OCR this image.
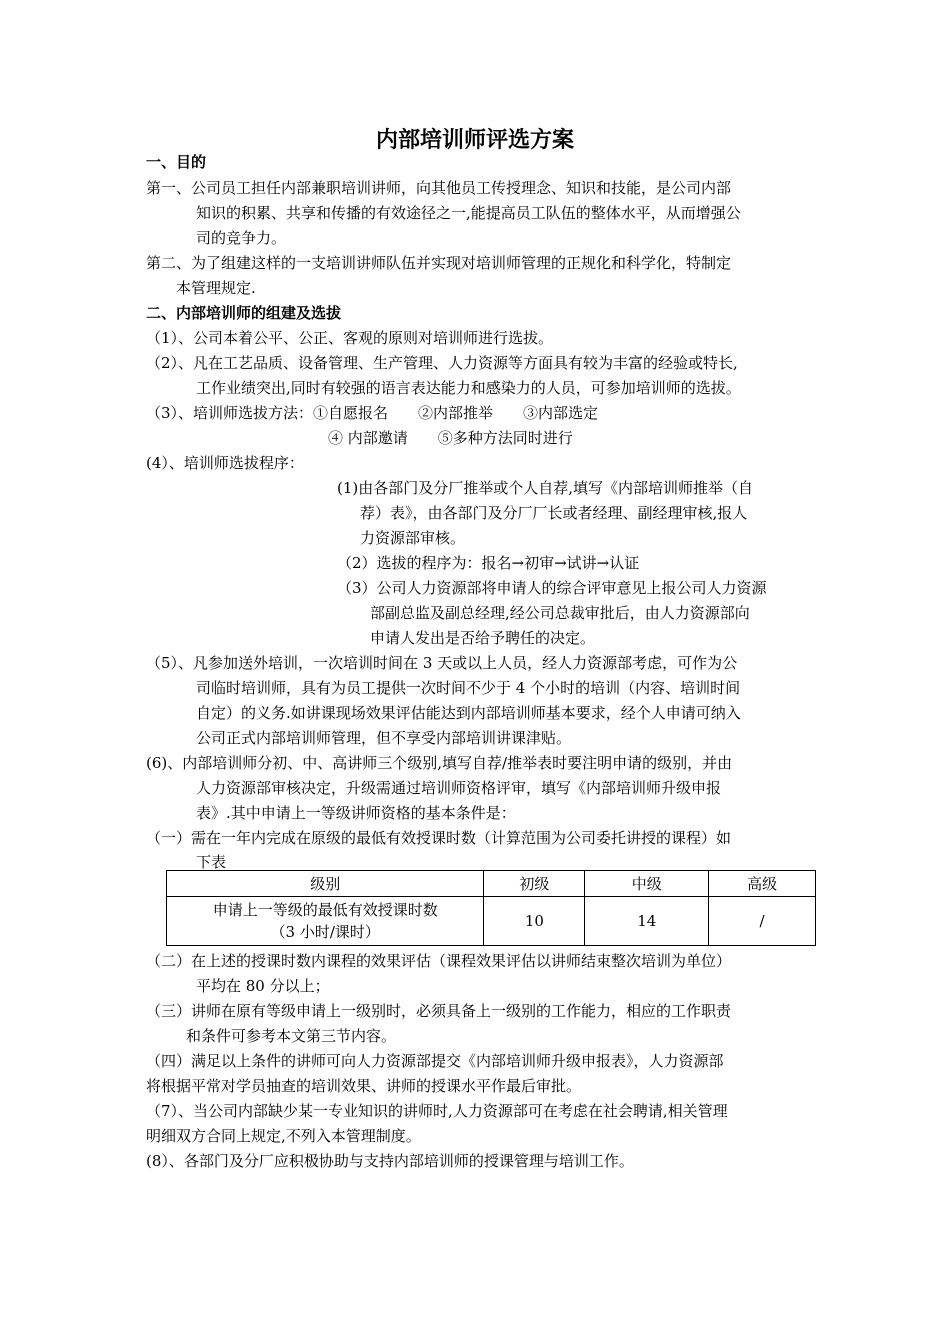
内部培训师评选方案
一、目的
第一、公司员工担任内部兼职培训讲师，向其他员工传授理念、知识和技能，是公司内部
知识的积累、共享和传播的有效途径之一,能提高员工队伍的整体水平，从而增强公
司的竞争力。
第二、为了组建这样的一支培训讲师队伍并实现对培训师管理的正规化和科学化，特制定
本管理规定.
二、内部培训师的组建及选拔
（1）、公司本着公平、公正、客观的原则对培训师进行选拔。
（2）、凡在工艺品质、设备管理、生产管理、人力资源等方面具有较为丰富的经验或特长,
工作业绩突出,同时有较强的语言表达能力和感染力的人员，可参加培训师的选拔。
（3）、培训师选拔方法：①自愿报名　　②内部推举　　③内部选定
④ 内部邀请　　⑤多种方法同时进行
(4）、培训师选拔程序：
(1)由各部门及分厂推举或个人自荐,填写《内部培训师推举（自
荐）表》，由各部门及分厂厂长或者经理、副经理审核,报人
力资源部审核。
（2）选拔的程序为：报名→初审→试讲→认证
（3）公司人力资源部将申请人的综合评审意见上报公司人力资源
部副总监及副总经理,经公司总裁审批后，由人力资源部向
申请人发出是否给予聘任的决定。
（5）、凡参加送外培训，一次培训时间在 3 天或以上人员，经人力资源部考虑，可作为公
司临时培训师，具有为员工提供一次时间不少于 4 个小时的培训（内容、培训时间
自定）的义务.如讲课现场效果评估能达到内部培训师基本要求，经个人申请可纳入
公司正式内部培训师管理，但不享受内部培训讲课津贴。
(6)、内部培训师分初、中、高讲师三个级别,填写自荐/推举表时要注明申请的级别，并由
人力资源部审核决定，升级需通过培训师资格评审，填写《内部培训师升级申报
表》.其中申请上一等级讲师资格的基本条件是：
（一）需在一年内完成在原级的最低有效授课时数（计算范围为公司委托讲授的课程）如
下表
级别	初级	中级	高级

申请上一等级的最低有效授课时数
（3 小时/课时）	10	14	/
（二）在上述的授课时数内课程的效果评估（课程效果评估以讲师结束整次培训为单位）
平均在 80 分以上；
（三）讲师在原有等级申请上一级别时，必须具备上一级别的工作能力，相应的工作职责
和条件可参考本文第三节内容。
（四）满足以上条件的讲师可向人力资源部提交《内部培训师升级申报表》，人力资源部
将根据平常对学员抽查的培训效果、讲师的授课水平作最后审批。
（7）、当公司内部缺少某一专业知识的讲师时,人力资源部可在考虑在社会聘请,相关管理
明细双方合同上规定,不列入本管理制度。
(8）、各部门及分厂应积极协助与支持内部培训师的授课管理与培训工作。
